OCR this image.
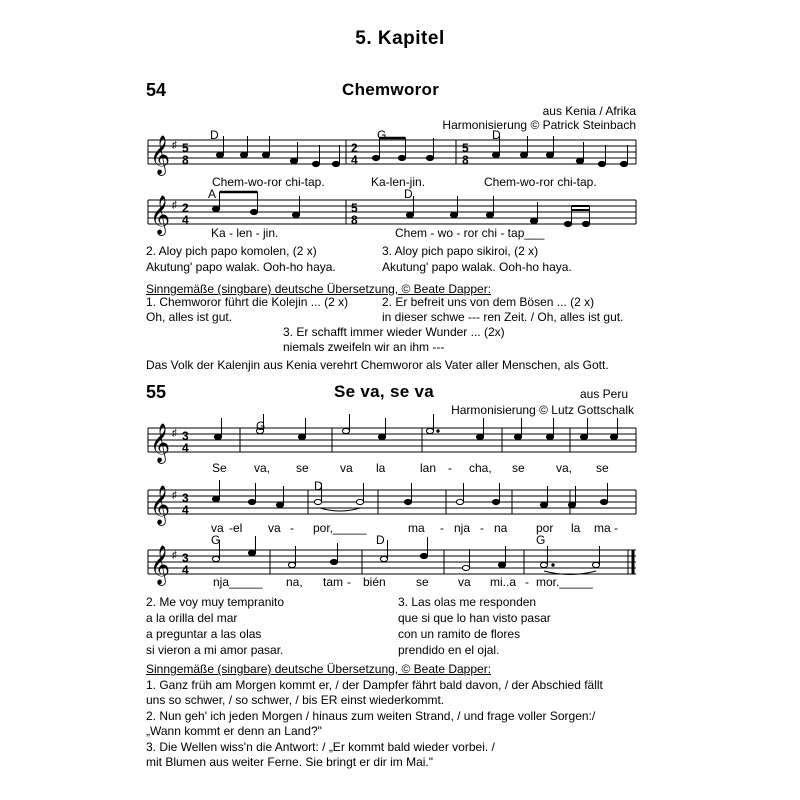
5. Kapitel
54	Chemworor
aus Kenia / Afrika
Harmonisierung © Patrick Steinbach
𝄞 ♯ 5
8
2
4
5
8
D	G	D
Chem-wo-ror chi-tap.	Ka-len-jin.	Chem-wo-ror chi-tap.
𝄞 ♯ 2
4
5
8
A	D
Ka - len - jin.	Chem - wo - ror chi - tap___
2. Aloy pich papo komolen, (2 x)
Akutung' papo walak. Ooh-ho haya.
3. Aloy pich papo sikiroi, (2 x)
Akutung' papo walak. Ooh-ho haya.
Sinngemäße (singbare) deutsche Übersetzung, © Beate Dapper:
1. Chemworor führt die Kolejin ... (2 x)
Oh, alles ist gut.
2. Er befreit uns von dem Bösen ... (2 x)
in dieser schwe --- ren Zeit. / Oh, alles ist gut.
3. Er schafft immer wieder Wunder ... (2x)
niemals zweifeln wir an ihm ---
Das Volk der Kalenjin aus Kenia verehrt Chemworor als Vater aller Menschen, als Gott.
55	Se va, se va	aus Peru
Harmonisierung © Lutz Gottschalk
𝄞 ♯ 3
4
G
Se va, se	va la	lan - cha, se	va, se
𝄞 ♯ 3
4
D
va -el va - por,_____	ma - nja - na por la ma -
𝄞 ♯ 3
4
G	D	G
nja_____ na, tam - bién	se va mi..a - mor._____
2. Me voy muy tempranito
a la orilla del mar
a preguntar a las olas
si vieron a mi amor pasar.
3. Las olas me responden
que si que lo han visto pasar
con un ramito de flores
prendido en el ojal.
Sinngemäße (singbare) deutsche Übersetzung, © Beate Dapper:
1. Ganz früh am Morgen kommt er, / der Dampfer fährt bald davon, / der Abschied fällt
uns so schwer, / so schwer, / bis ER einst wiederkommt.
2. Nun geh' ich jeden Morgen / hinaus zum weiten Strand, / und frage voller Sorgen:/
„Wann kommt er denn an Land?"
3. Die Wellen wiss'n die Antwort: / „Er kommt bald wieder vorbei. /
mit Blumen aus weiter Ferne. Sie bringt er dir im Mai."
